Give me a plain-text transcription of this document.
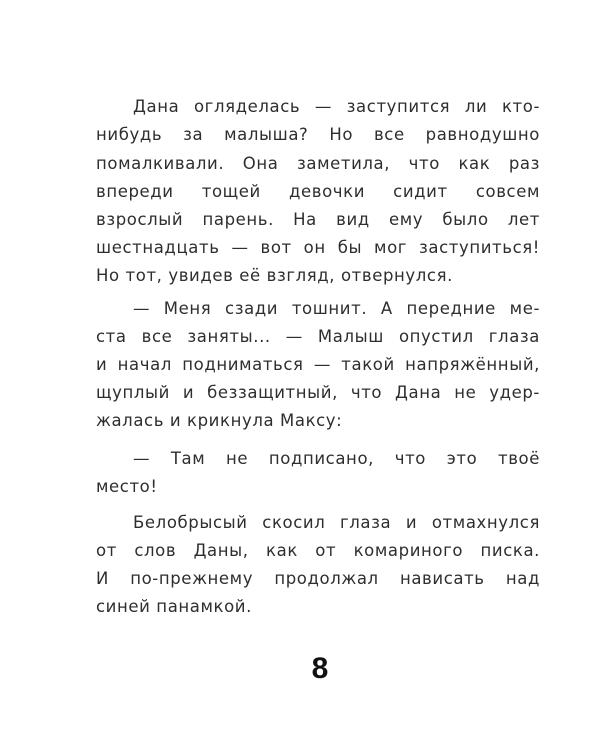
Дана огляделась — заступится ли кто-
нибудь за малыша? Но все равнодушно
помалкивали. Она заметила, что как раз
впереди тощей девочки сидит совсем
взрослый парень. На вид ему было лет
шестнадцать — вот он бы мог заступиться!
Но тот, увидев её взгляд, отвернулся.
— Меня сзади тошнит. А передние ме-
ста все заняты... — Малыш опустил глаза
и начал подниматься — такой напряжённый,
щуплый и беззащитный, что Дана не удер-
жалась и крикнула Максу:
— Там не подписано, что это твоё
место!
Белобрысый скосил глаза и отмахнулся
от слов Даны, как от комариного писка.
И по-прежнему продолжал нависать над
синей панамкой.
8
